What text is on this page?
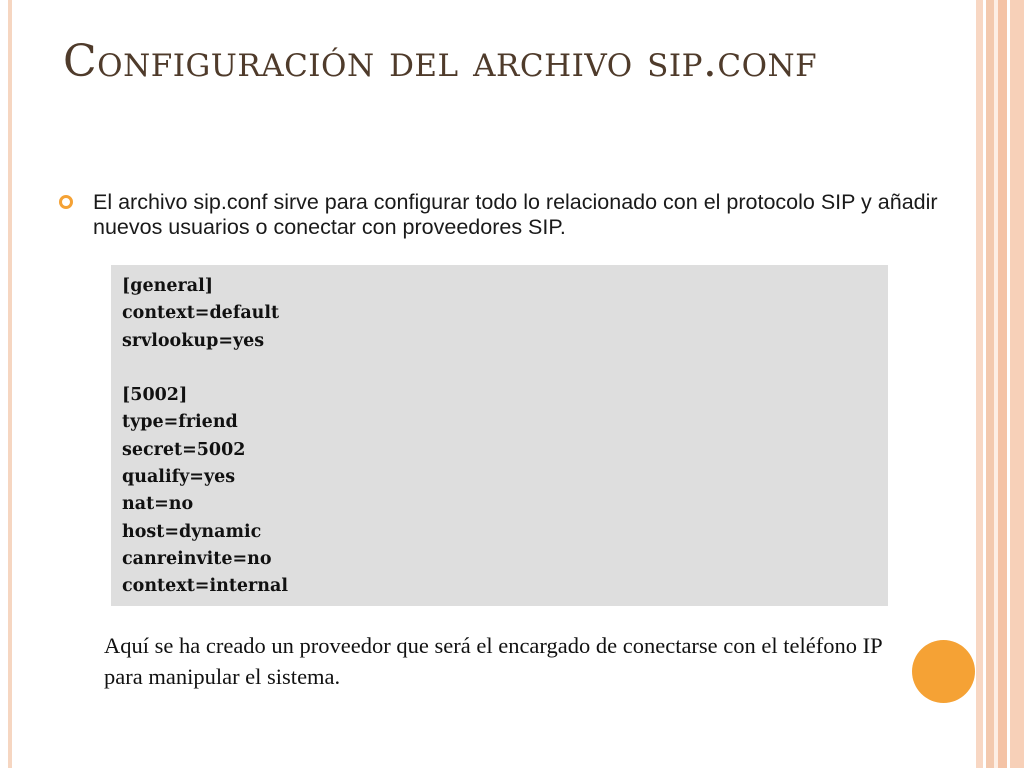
Configuración del archivo sip.conf

El archivo sip.conf sirve para configurar todo lo relacionado con el protocolo SIP y añadir nuevos usuarios o conectar con proveedores SIP.

[general]
context=default
srvlookup=yes
[5002]
type=friend
secret=5002
qualify=yes
nat=no
host=dynamic
canreinvite=no
context=internal

Aquí se ha creado un proveedor que será el encargado de conectarse con el teléfono IP para manipular el sistema.
